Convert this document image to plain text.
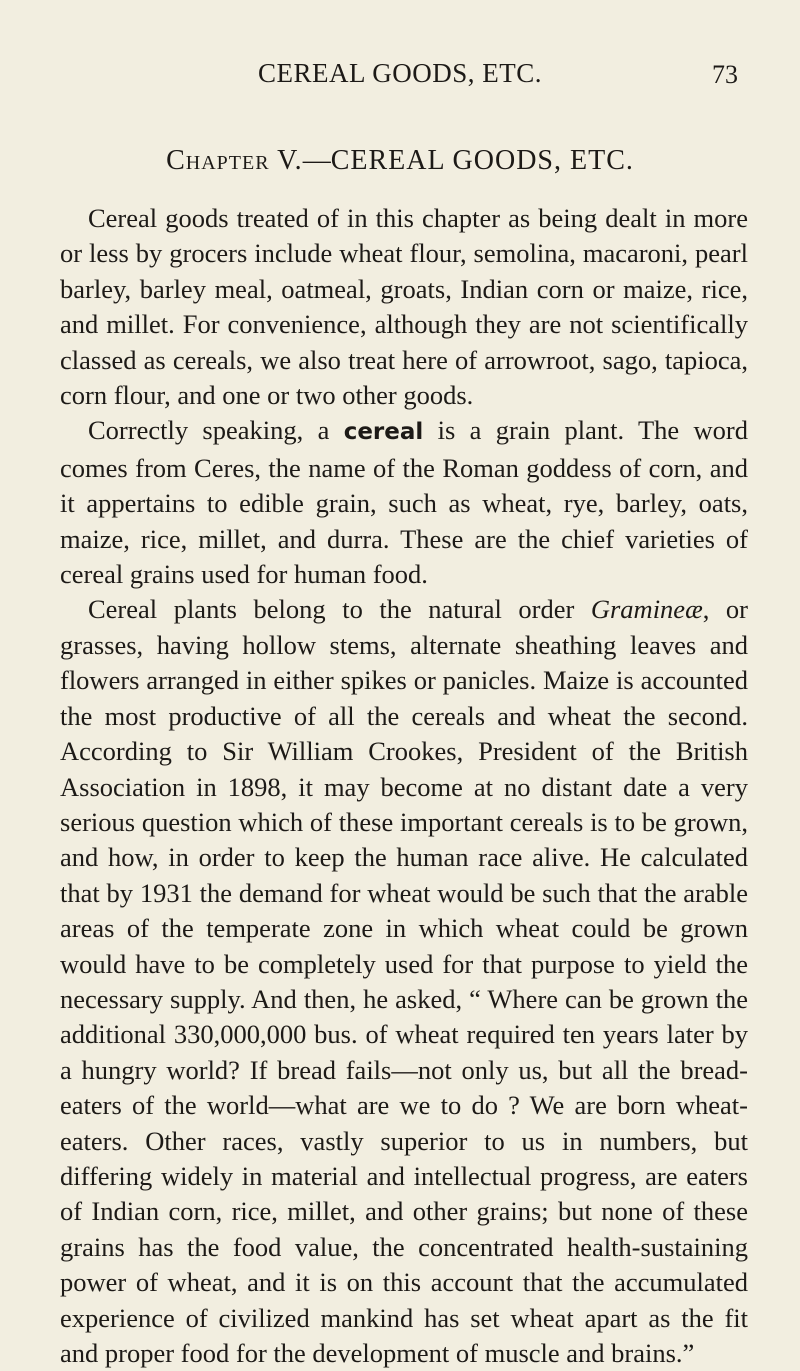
CEREAL GOODS, ETC.	73
Chapter V.—CEREAL GOODS, ETC.

Cereal goods treated of in this chapter as being dealt in more or less by grocers include wheat flour, semolina, macaroni, pearl barley, barley meal, oatmeal, groats, Indian corn or maize, rice, and millet. For convenience, although they are not scientifically classed as cereals, we also treat here of arrowroot, sago, tapioca, corn flour, and one or two other goods.

Correctly speaking, a cereal is a grain plant. The word comes from Ceres, the name of the Roman goddess of corn, and it appertains to edible grain, such as wheat, rye, barley, oats, maize, rice, millet, and durra. These are the chief varieties of cereal grains used for human food.

Cereal plants belong to the natural order Gramineæ, or grasses, having hollow stems, alternate sheathing leaves and flowers arranged in either spikes or panicles. Maize is accounted the most productive of all the cereals and wheat the second. According to Sir William Crookes, President of the British Association in 1898, it may become at no distant date a very serious question which of these important cereals is to be grown, and how, in order to keep the human race alive. He calculated that by 1931 the demand for wheat would be such that the arable areas of the temperate zone in which wheat could be grown would have to be completely used for that purpose to yield the necessary supply. And then, he asked, “ Where can be grown the additional 330,000,000 bus. of wheat required ten years later by a hungry world? If bread fails—not only us, but all the bread-eaters of the world—what are we to do ? We are born wheat-eaters. Other races, vastly superior to us in numbers, but differing widely in material and intellectual progress, are eaters of Indian corn, rice, millet, and other grains; but none of these grains has the food value, the concentrated health-sustaining power of wheat, and it is on this account that the accumulated experience of civilized mankind has set wheat apart as the fit and proper food for the development of muscle and brains.”
